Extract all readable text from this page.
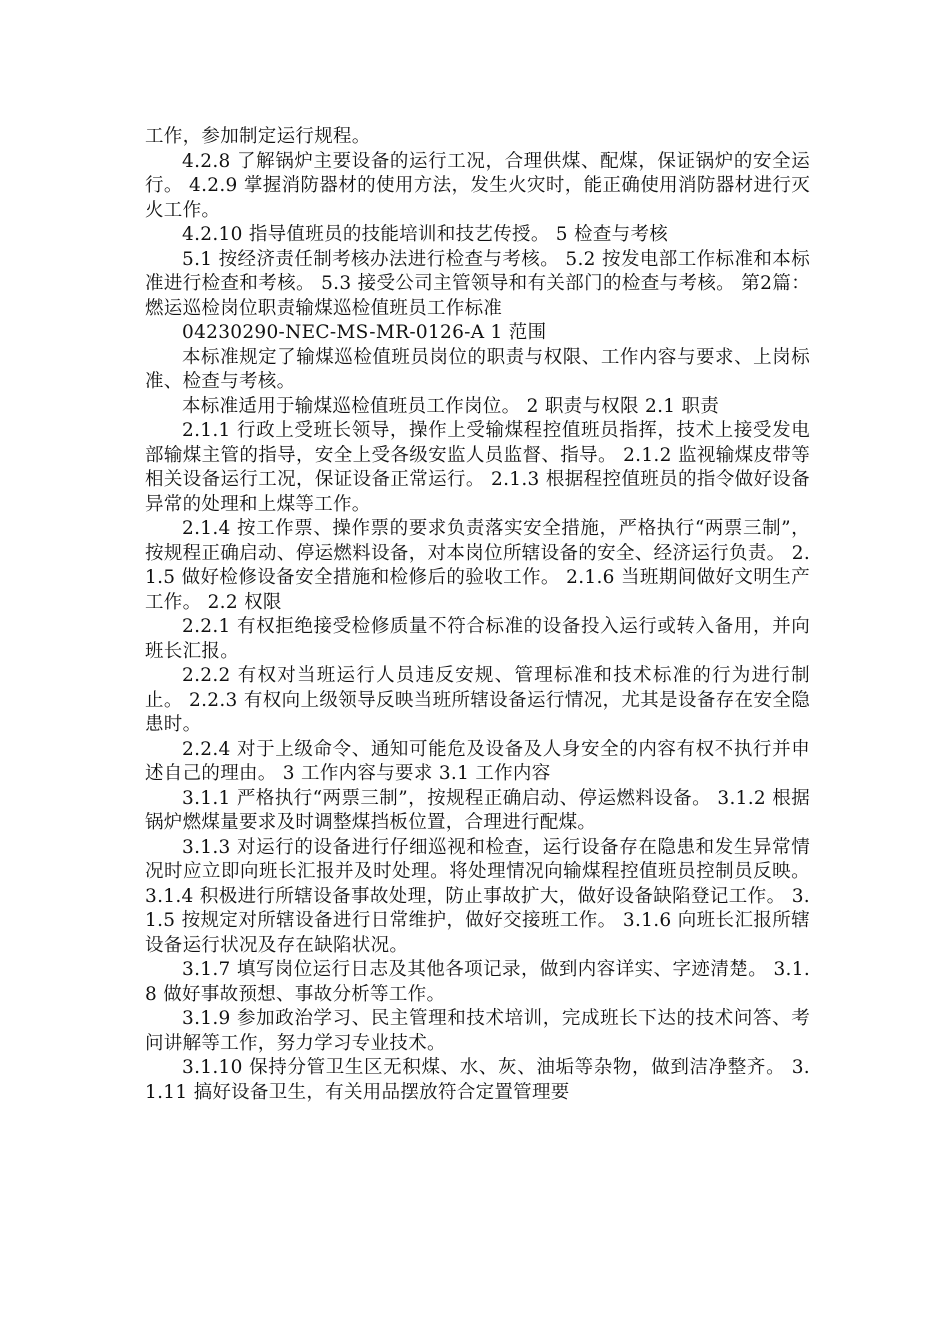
工作，参加制定运行规程。

4.2.8 了解锅炉主要设备的运行工况，合理供煤、配煤，保证锅炉的安全运行。 4.2.9 掌握消防器材的使用方法，发生火灾时，能正确使用消防器材进行灭火工作。

4.2.10 指导值班员的技能培训和技艺传授。 5 检查与考核

5.1 按经济责任制考核办法进行检查与考核。 5.2 按发电部工作标准和本标准进行检查和考核。 5.3 接受公司主管领导和有关部门的检查与考核。 第2篇：燃运巡检岗位职责输煤巡检值班员工作标准

04230290-NEC-MS-MR-0126-A 1 范围

本标准规定了输煤巡检值班员岗位的职责与权限、工作内容与要求、上岗标准、检查与考核。

本标准适用于输煤巡检值班员工作岗位。 2 职责与权限 2.1 职责

2.1.1 行政上受班长领导，操作上受输煤程控值班员指挥，技术上接受发电部输煤主管的指导，安全上受各级安监人员监督、指导。 2.1.2 监视输煤皮带等相关设备运行工况，保证设备正常运行。 2.1.3 根据程控值班员的指令做好设备异常的处理和上煤等工作。

2.1.4 按工作票、操作票的要求负责落实安全措施，严格执行“两票三制”，按规程正确启动、停运燃料设备，对本岗位所辖设备的安全、经济运行负责。 2.1.5 做好检修设备安全措施和检修后的验收工作。 2.1.6 当班期间做好文明生产工作。 2.2 权限

2.2.1 有权拒绝接受检修质量不符合标准的设备投入运行或转入备用，并向班长汇报。

2.2.2 有权对当班运行人员违反安规、管理标准和技术标准的行为进行制止。 2.2.3 有权向上级领导反映当班所辖设备运行情况，尤其是设备存在安全隐患时。

2.2.4 对于上级命令、通知可能危及设备及人身安全的内容有权不执行并申述自己的理由。 3 工作内容与要求 3.1 工作内容

3.1.1 严格执行“两票三制”，按规程正确启动、停运燃料设备。 3.1.2 根据锅炉燃煤量要求及时调整煤挡板位置，合理进行配煤。

3.1.3 对运行的设备进行仔细巡视和检查，运行设备存在隐患和发生异常情况时应立即向班长汇报并及时处理。将处理情况向输煤程控值班员控制员反映。 3.1.4 积极进行所辖设备事故处理，防止事故扩大，做好设备缺陷登记工作。 3.1.5 按规定对所辖设备进行日常维护，做好交接班工作。 3.1.6 向班长汇报所辖设备运行状况及存在缺陷状况。

3.1.7 填写岗位运行日志及其他各项记录，做到内容详实、字迹清楚。 3.1.8 做好事故预想、事故分析等工作。

3.1.9 参加政治学习、民主管理和技术培训，完成班长下达的技术问答、考问讲解等工作，努力学习专业技术。

3.1.10 保持分管卫生区无积煤、水、灰、油垢等杂物，做到洁净整齐。 3.1.11 搞好设备卫生，有关用品摆放符合定置管理要
